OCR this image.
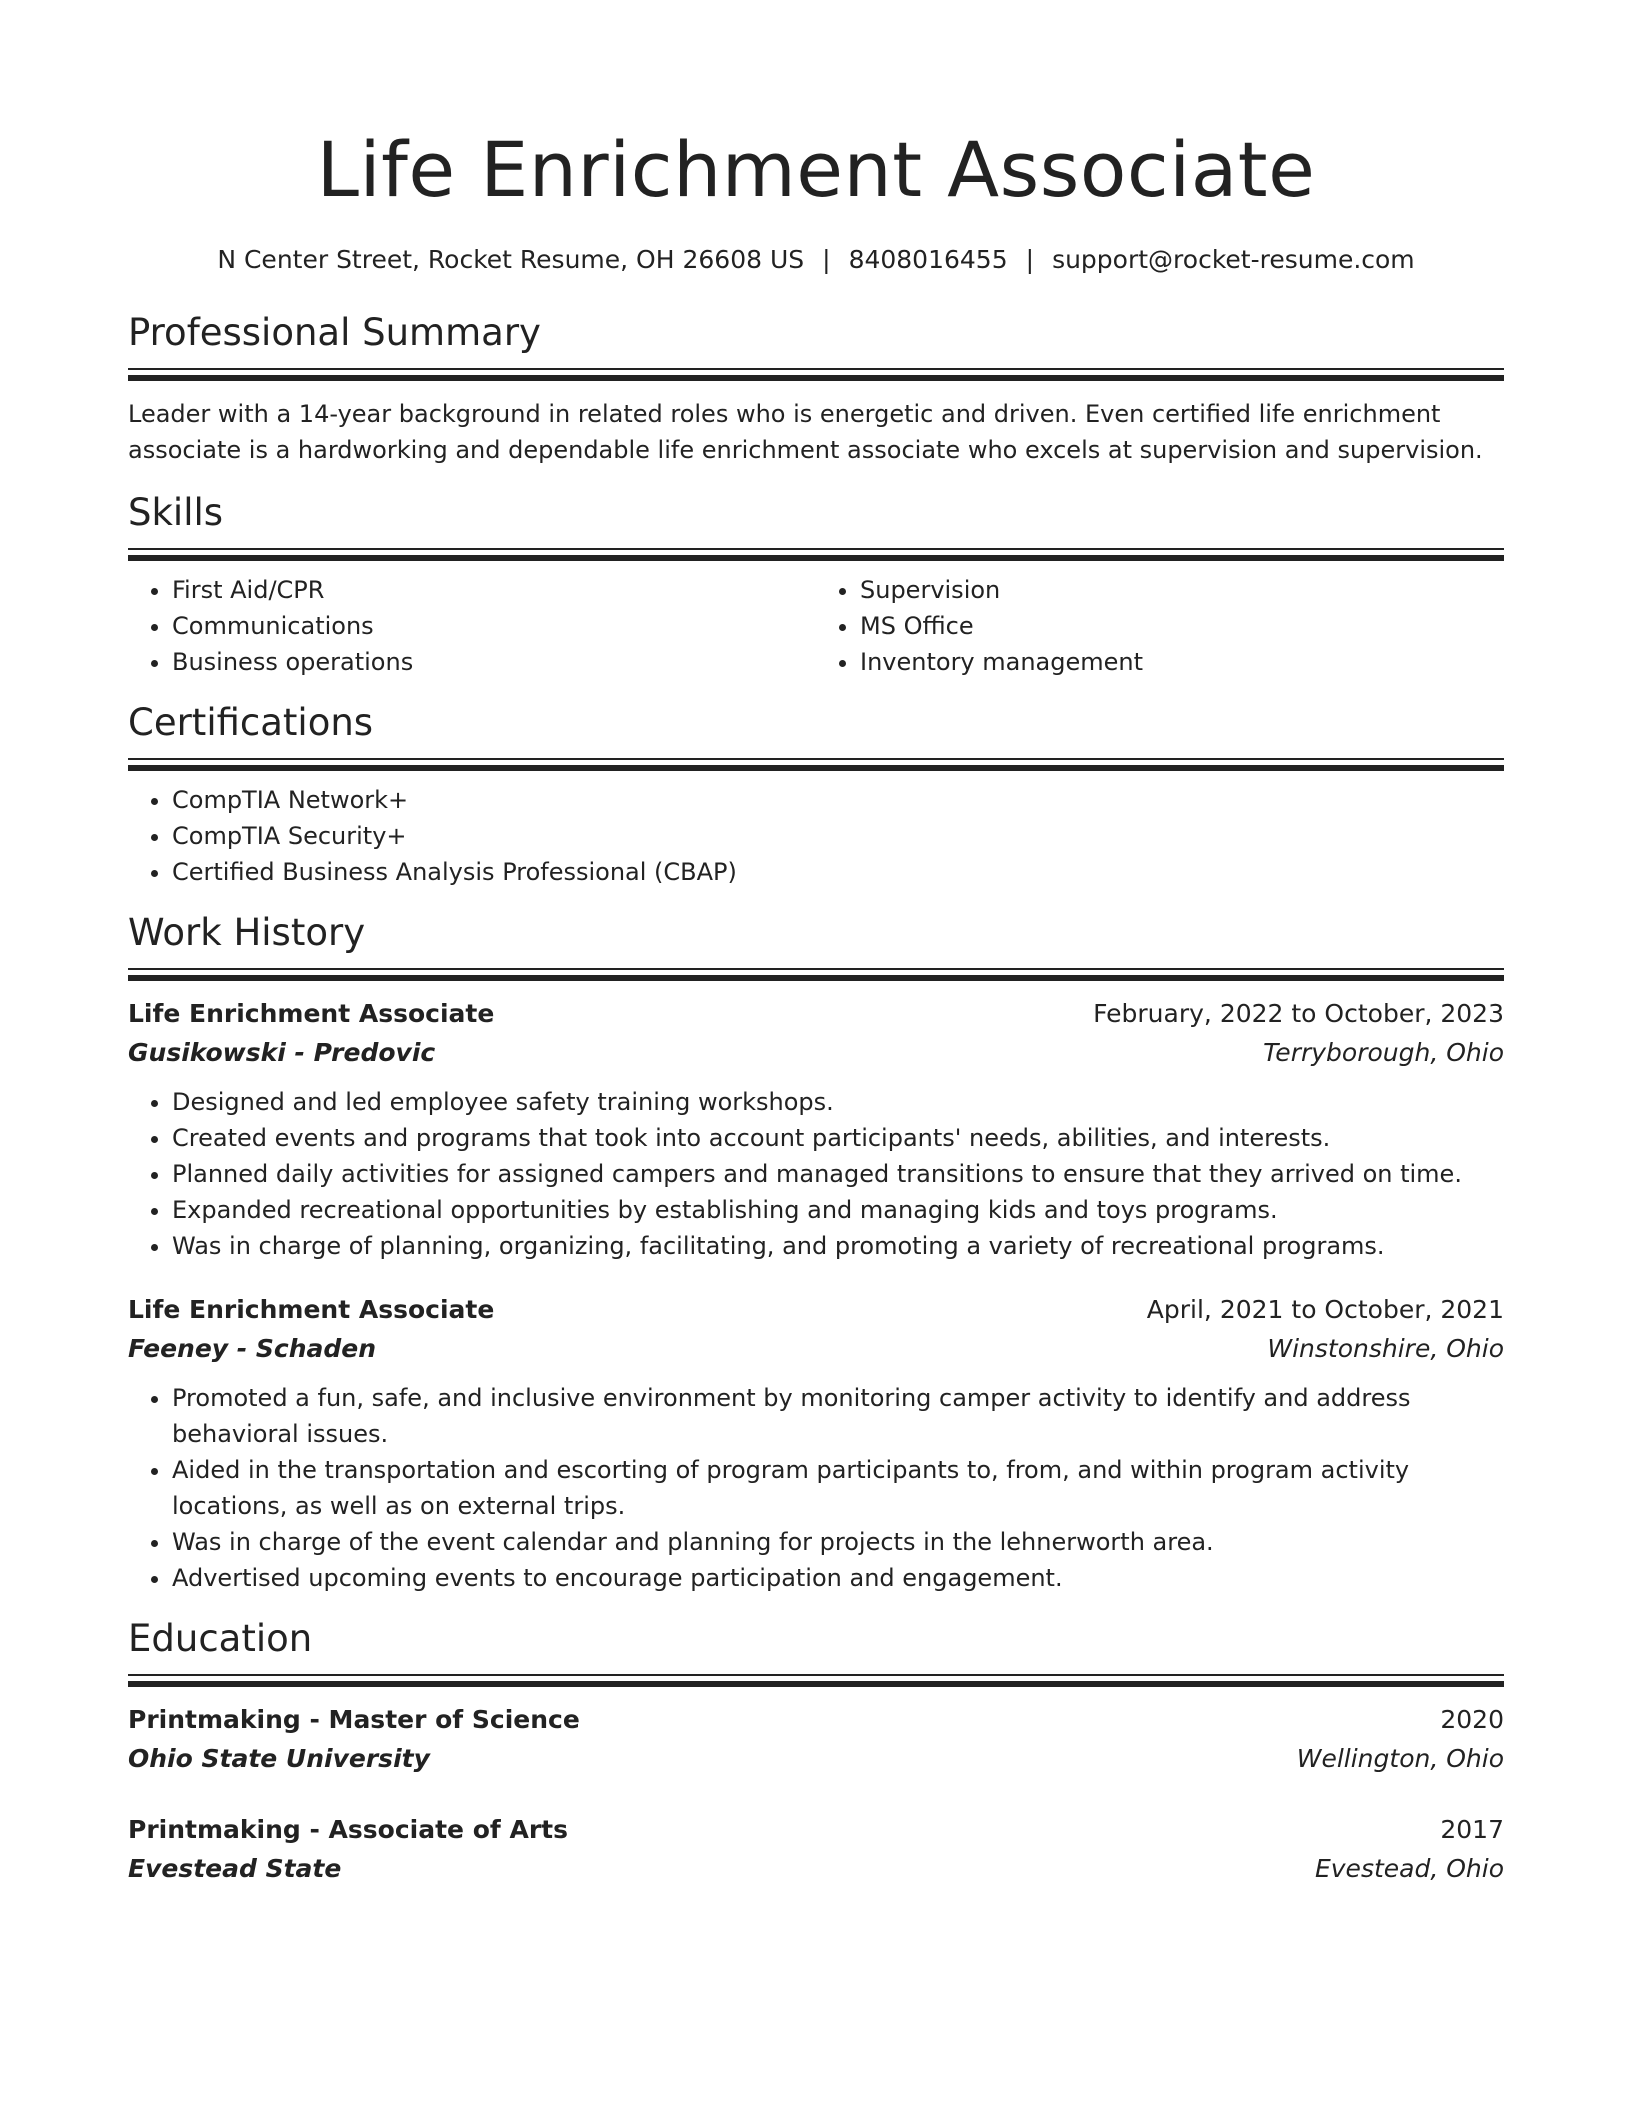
Life Enrichment Associate
N Center Street, Rocket Resume, OH 26608 US | 8408016455 | support@rocket-resume.com
Professional Summary
Leader with a 14-year background in related roles who is energetic and driven. Even certified life enrichment associate is a hardworking and dependable life enrichment associate who excels at supervision and supervision.
Skills
• First Aid/CPR
• Communications
• Business operations
• Supervision
• MS Office
• Inventory management
Certifications
• CompTIA Network+
• CompTIA Security+
• Certified Business Analysis Professional (CBAP)
Work History
Life Enrichment Associate	February, 2022 to October, 2023
Gusikowski - Predovic	Terryborough, Ohio
• Designed and led employee safety training workshops.
• Created events and programs that took into account participants' needs, abilities, and interests.
• Planned daily activities for assigned campers and managed transitions to ensure that they arrived on time.
• Expanded recreational opportunities by establishing and managing kids and toys programs.
• Was in charge of planning, organizing, facilitating, and promoting a variety of recreational programs.
Life Enrichment Associate	April, 2021 to October, 2021
Feeney - Schaden	Winstonshire, Ohio
• Promoted a fun, safe, and inclusive environment by monitoring camper activity to identify and address behavioral issues.
• Aided in the transportation and escorting of program participants to, from, and within program activity locations, as well as on external trips.
• Was in charge of the event calendar and planning for projects in the lehnerworth area.
• Advertised upcoming events to encourage participation and engagement.
Education
Printmaking - Master of Science	2020
Ohio State University	Wellington, Ohio
Printmaking - Associate of Arts	2017
Evestead State	Evestead, Ohio
